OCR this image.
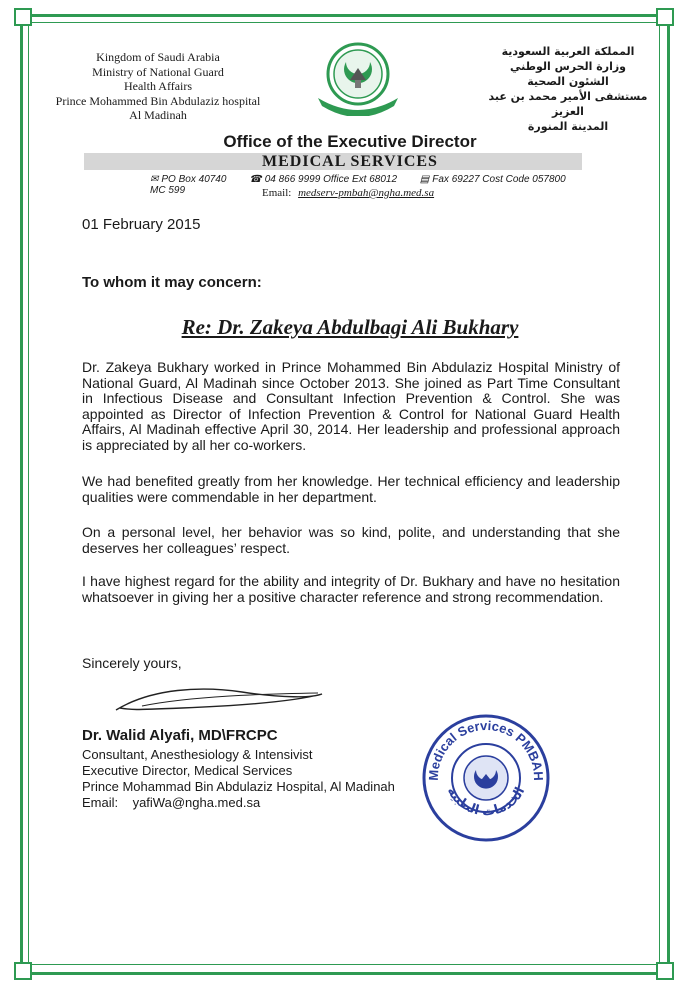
Kingdom of Saudi Arabia
Ministry of National Guard
Health Affairs
Prince Mohammed Bin Abdulaziz hospital
Al Madinah
المملكة العربية السعودية
وزارة الحرس الوطني
الشئون الصحية
مستشفى الأمير محمد بن عبد العزيز
المدينة المنورة
Office of the Executive Director
MEDICAL SERVICES
✉ PO Box 40740 ☎ 04 866 9999 Office Ext 68012 ▤ Fax 69227 Cost Code 057800 MC 599	Email: medserv-pmbah@ngha.med.sa
01 February 2015
To whom it may concern:
Re: Dr. Zakeya Abdulbagi Ali Bukhary
Dr. Zakeya Bukhary worked in Prince Mohammed Bin Abdulaziz Hospital Ministry of National Guard, Al Madinah since October 2013. She joined as Part Time Consultant in Infectious Disease and Consultant Infection Prevention & Control. She was appointed as Director of Infection Prevention & Control for National Guard Health Affairs, Al Madinah effective April 30, 2014. Her leadership and professional approach is appreciated by all her co-workers.
We had benefited greatly from her knowledge. Her technical efficiency and leadership qualities were commendable in her department.
On a personal level, her behavior was so kind, polite, and understanding that she deserves her colleagues’ respect.
I have highest regard for the ability and integrity of Dr. Bukhary and have no hesitation whatsoever in giving her a positive character reference and strong recommendation.
Sincerely yours,
Dr. Walid Alyafi, MD\FRCPC
Consultant, Anesthesiology & Intensivist
Executive Director, Medical Services
Prince Mohammad Bin Abdulaziz Hospital, Al Madinah
Email: yafiWa@ngha.med.sa
Medical Services PMBAH
الخدمات الطبية
